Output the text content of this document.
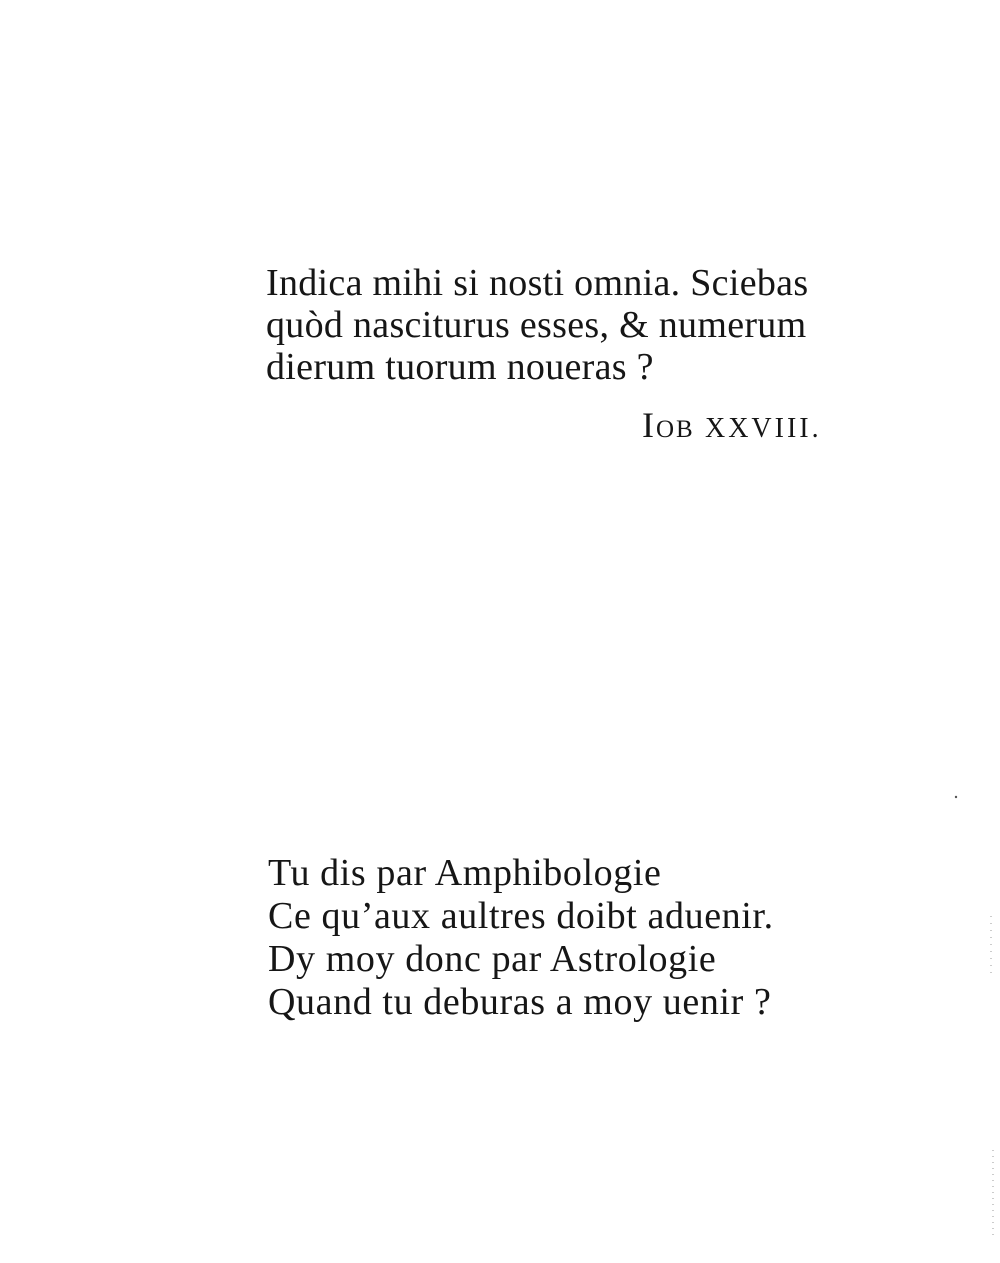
Indica mihi si nosti omnia. Sciebas
quòd nasciturus esses, & numerum
dierum tuorum noueras ?
Iob XXVIII.
Tu dis par Amphibologie
Ce qu’aux aultres doibt aduenir.
Dy moy donc par Astrologie
Quand tu deburas a moy uenir ?
